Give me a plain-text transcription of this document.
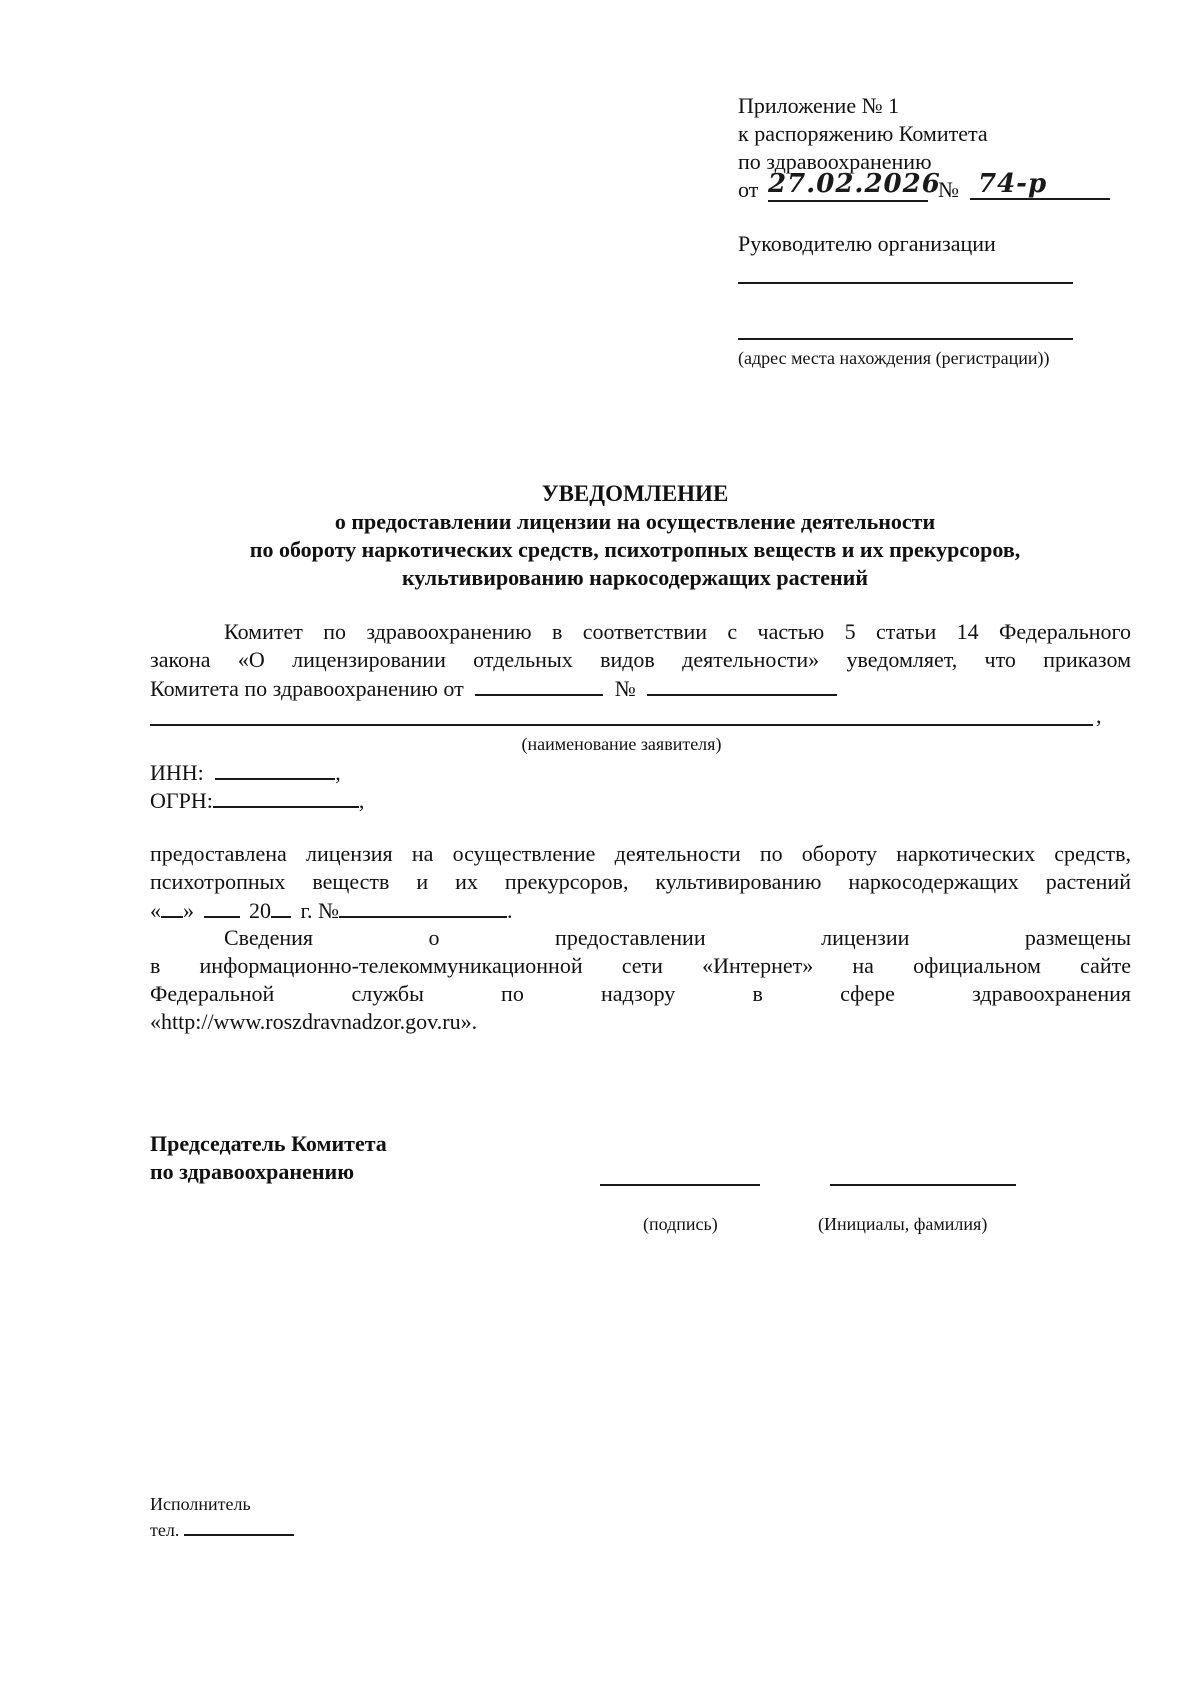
Приложение № 1
к распоряжению Комитета
по здравоохранению
от 27.02.2026
№ 74-р
Руководителю организации
(адрес места нахождения (регистрации))
УВЕДОМЛЕНИЕ
о предоставлении лицензии на осуществление деятельности
по обороту наркотических средств, психотропных веществ и их прекурсоров,
культивированию наркосодержащих растений
Комитет по здравоохранению в соответствии с частью 5 статьи 14 Федерального
закона «О лицензировании отдельных видов деятельности» уведомляет, что приказом
Комитета по здравоохранению от	№
,
(наименование заявителя)
ИНН:	,
ОГРН:	,
предоставлена лицензия на осуществление деятельности по обороту наркотических средств,
психотропных веществ и их прекурсоров, культивированию наркосодержащих растений
« »	20 г. №	.
Сведения о предоставлении лицензии размещены
в информационно-телекоммуникационной сети «Интернет» на официальном сайте
Федеральной службы по надзору в сфере здравоохранения
«http://www.roszdravnadzor.gov.ru».
Председатель Комитета
по здравоохранению
(подпись)	(Инициалы, фамилия)
Исполнитель
тел.
